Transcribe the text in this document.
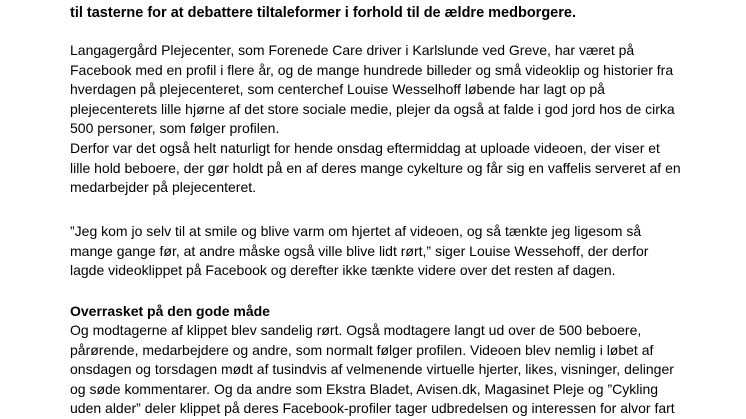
til tasterne for at debattere tiltaleformer i forhold til de ældre medborgere.

Langagergård Plejecenter, som Forenede Care driver i Karlslunde ved Greve, har været på
Facebook med en profil i flere år, og de mange hundrede billeder og små videoklip og historier fra
hverdagen på plejecenteret, som centerchef Louise Wesselhoff løbende har lagt op på
plejecenterets lille hjørne af det store sociale medie, plejer da også at falde i god jord hos de cirka
500 personer, som følger profilen.
Derfor var det også helt naturligt for hende onsdag eftermiddag at uploade videoen, der viser et
lille hold beboere, der gør holdt på en af deres mange cykelture og får sig en vaffelis serveret af en
medarbejder på plejecenteret.

”Jeg kom jo selv til at smile og blive varm om hjertet af videoen, og så tænkte jeg ligesom så
mange gange før, at andre måske også ville blive lidt rørt,” siger Louise Wessehoff, der derfor
lagde videoklippet på Facebook og derefter ikke tænkte videre over det resten af dagen.

Overrasket på den gode måde

Og modtagerne af klippet blev sandelig rørt. Også modtagere langt ud over de 500 beboere,
pårørende, medarbejdere og andre, som normalt følger profilen. Videoen blev nemlig i løbet af
onsdagen og torsdagen mødt af tusindvis af velmenende virtuelle hjerter, likes, visninger, delinger
og søde kommentarer. Og da andre som Ekstra Bladet, Avisen.dk, Magasinet Pleje og ”Cykling
uden alder” deler klippet på deres Facebook-profiler tager udbredelsen og interessen for alvor fart
